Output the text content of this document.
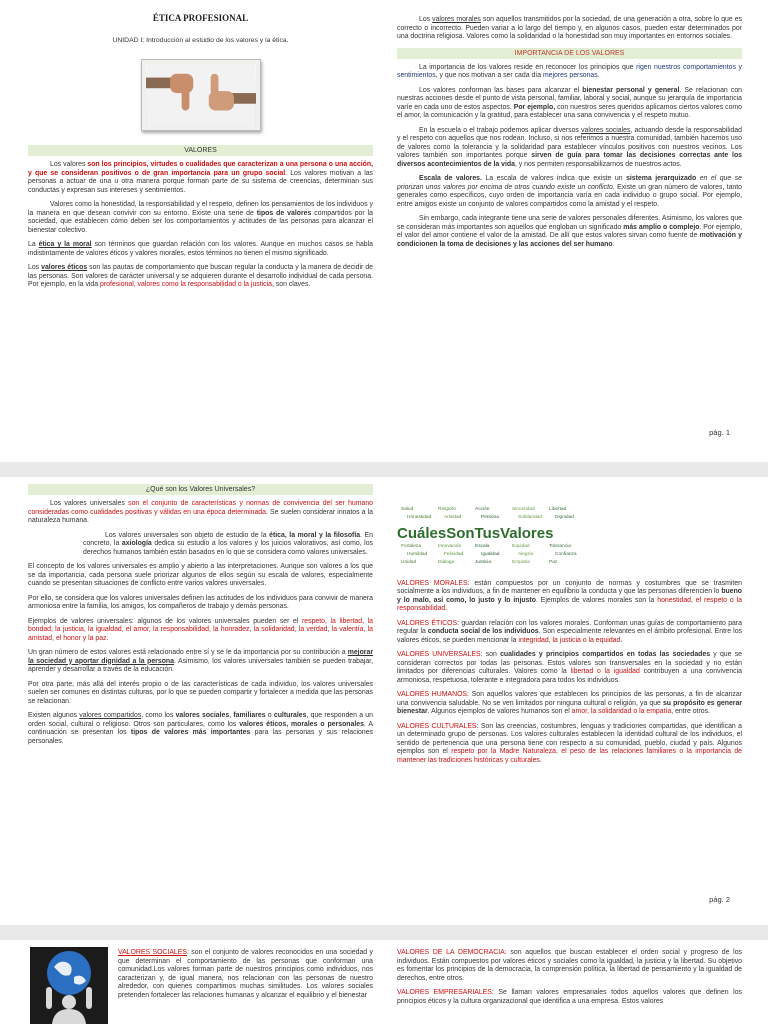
ÉTICA PROFESIONAL
UNIDAD I: Introducción al estudio de los valores y la ética.
VALORES

Los valores son los principios, virtudes o cualidades que caracterizan a una persona o una acción, y que se consideran positivos o de gran importancia para un grupo social. Los valores motivan a las personas a actuar de una u otra manera porque forman parte de su sistema de creencias, determinan sus conductas y expresan sus intereses y sentimientos.

Valores como la honestidad, la responsabilidad y el respeto, definen los pensamientos de los individuos y la manera en que desean convivir con su entorno. Existe una serie de tipos de valores compartidos por la sociedad, que establecen cómo deben ser los comportamientos y actitudes de las personas para alcanzar el bienestar colectivo.

La ética y la moral son términos que guardan relación con los valores. Aunque en muchos casos se habla indistintamente de valores éticos y valores morales, estos términos no tienen el mismo significado.

Los valores éticos son las pautas de comportamiento que buscan regular la conducta y la manera de decidir de las personas. Son valores de carácter universal y se adquieren durante el desarrollo individual de cada persona. Por ejemplo, en la vida profesional, valores como la responsabilidad o la justicia, son claves.

Los valores morales son aquellos transmitidos por la sociedad, de una generación a otra, sobre lo que es correcto o incorrecto. Pueden variar a lo largo del tiempo y, en algunos casos, pueden estar determinados por una doctrina religiosa. Valores como la solidaridad o la honestidad son muy importantes en entornos sociales.

IMPORTANCIA DE LOS VALORES

La importancia de los valores reside en reconocer los principios que rigen nuestros comportamientos y sentimientos, y que nos motivan a ser cada día mejores personas.

Los valores conforman las bases para alcanzar el bienestar personal y general. Se relacionan con nuestras acciones desde el punto de vista personal, familiar, laboral y social, aunque su jerarquía de importancia varíe en cada uno de estos aspectos. Por ejemplo, con nuestros seres queridos aplicamos ciertos valores como el amor, la comunicación y la gratitud, para establecer una sana convivencia y el respeto mutuo.

En la escuela o el trabajo podemos aplicar diversos valores sociales, actuando desde la responsabilidad y el respeto con aquellos que nos rodean. Incluso, si nos referimos a nuestra comunidad, también hacemos uso de valores como la tolerancia y la solidaridad para establecer vínculos positivos con nuestros vecinos. Los valores también son importantes porque sirven de guía para tomar las decisiones correctas ante los diversos acontecimientos de la vida, y nos permiten responsabilizarnos de nuestros actos.

Escala de valores. La escala de valores indica que existe un sistema jerarquizado en el que se priorizan unos valores por encima de otros cuando existe un conflicto. Existe un gran número de valores, tanto generales como específicos, cuyo orden de importancia varía en cada individuo o grupo social. Por ejemplo, entre amigos existe un conjunto de valores compartidos como la amistad y el respeto.

Sin embargo, cada integrante tiene una serie de valores personales diferentes. Asimismo, los valores que se consideran más importantes son aquellos que engloban un significado más amplio o complejo. Por ejemplo, el valor del amor contiene el valor de la amistad. De allí que estos valores sirvan como fuente de motivación y condicionen la toma de decisiones y las acciones del ser humano.

pág. 1
¿Qué son los Valores Universales?

Los valores universales son el conjunto de características y normas de convivencia del ser humano consideradas como cualidades positivas y válidas en una época determinada. Se suelen considerar innatos a la naturaleza humana.

Los valores universales son objeto de estudio de la ética, la moral y la filosofía. En concreto, la axiología dedica su estudio a los valores y los juicios valorativos, así como, los derechos humanos también están basados en lo que se considera como valores universales.

El concepto de los valores universales es amplio y abierto a las interpretaciones. Aunque son valores a los que se da importancia, cada persona suele priorizar algunos de ellos según su escala de valores, especialmente cuando se presentan situaciones de conflicto entre varios valores universales.

Por ello, se considera que los valores universales definen las actitudes de los individuos para convivir de manera armoniosa entre la familia, los amigos, los compañeros de trabajo y demás personas.

Ejemplos de valores universales: algunos de los valores universales pueden ser el respeto, la libertad, la bondad, la justicia, la igualdad, el amor, la responsabilidad, la honradez, la solidaridad, la verdad, la valentía, la amistad, el honor y la paz.

Un gran número de estos valores está relacionado entre sí y se le da importancia por su contribución a mejorar la sociedad y aportar dignidad a la persona. Asimismo, los valores universales también se pueden trabajar, aprender y desarrollar a través de la educación.

Por otra parte, más allá del interés propio o de las características de cada individuo, los valores universales suelen ser comunes en distintas culturas, por lo que se pueden compartir y fortalecer a medida que las personas se relacionan.

Existen algunos valores compartidos, como los valores sociales, familiares o culturales, que responden a un orden social, cultural o religioso. Otros son particulares, como los valores éticos, morales o personales. A continuación se presentan los tipos de valores más importantes para las personas y sus relaciones personales.

Salud	Respeto	Acción	Sinceridad	Libertad
Honestidad	Amistad	Persona	Solidaridad	Dignidad
Fortaleza	Innovación	Escala	Equidad	Tolerancia
Humildad	Felicidad	Igualdad	Alegría	Confianza
Unidad	Diálogo	Justicia	Empatía	Paz
CuálesSonTusValores

VALORES MORALES: están compuestos por un conjunto de normas y costumbres que se trasmiten socialmente a los individuos, a fin de mantener en equilibrio la conducta y que las personas diferencien lo bueno y lo malo, así como, lo justo y lo injusto. Ejemplos de valores morales son la honestidad, el respeto o la responsabilidad.

VALORES ÉTICOS: guardan relación con los valores morales. Conforman unas guías de comportamiento para regular la conducta social de los individuos. Son especialmente relevantes en el ámbito profesional. Entre los valores éticos, se pueden mencionar la integridad, la justicia o la equidad.

VALORES UNIVERSALES: son cualidades y principios compartidos en todas las sociedades y que se consideran correctos por todas las personas. Estos valores son transversales en la sociedad y no están limitados por diferencias culturales. Valores como la libertad o la igualdad contribuyen a una convivencia armoniosa, respetuosa, tolerante e integradora para todos los individuos.

VALORES HUMANOS: Son aquellos valores que establecen los principios de las personas, a fin de alcanzar una convivencia saludable. No se ven limitados por ninguna cultural o religión, ya que su propósito es generar bienestar. Algunos ejemplos de valores humanos son el amor, la solidaridad o la empatía, entre otros.

VALORES CULTURALES: Son las creencias, costumbres, lenguas y tradiciones compartidas, que identifican a un determinado grupo de personas. Los valores culturales establecen la identidad cultural de los individuos, el sentido de pertenencia que una persona tiene con respecto a su comunidad, pueblo, ciudad y país. Algunos ejemplos son el respeto por la Madre Naturaleza, el peso de las relaciones familiares o la importancia de mantener las tradiciones históricas y culturales.

pág. 2

VALORES SOCIALES: son el conjunto de valores reconocidos en una sociedad y que determinan el comportamiento de las personas que conforman una comunidad.Los valores forman parte de nuestros principios como individuos, nos caracterizan y, de igual manera, nos relacionan con las personas de nuestro alrededor, con quienes compartimos muchas similitudes. Los valores sociales pretenden fortalecer las relaciones humanas y alcanzar el equilibrio y el bienestar

VALORES DE LA DEMOCRACIA: son aquellos que buscan establecer el orden social y progreso de los individuos. Están compuestos por valores éticos y sociales como la igualdad, la justicia y la libertad. Su objetivo es fomentar los principios de la democracia, la comprensión política, la libertad de pensamiento y la igualdad de derechos, entre otros.

VALORES EMPRESARIALES: Se llaman valores empresariales todos aquellos valores que definen los principios éticos y la cultura organizacional que identifica a una empresa. Estos valores
